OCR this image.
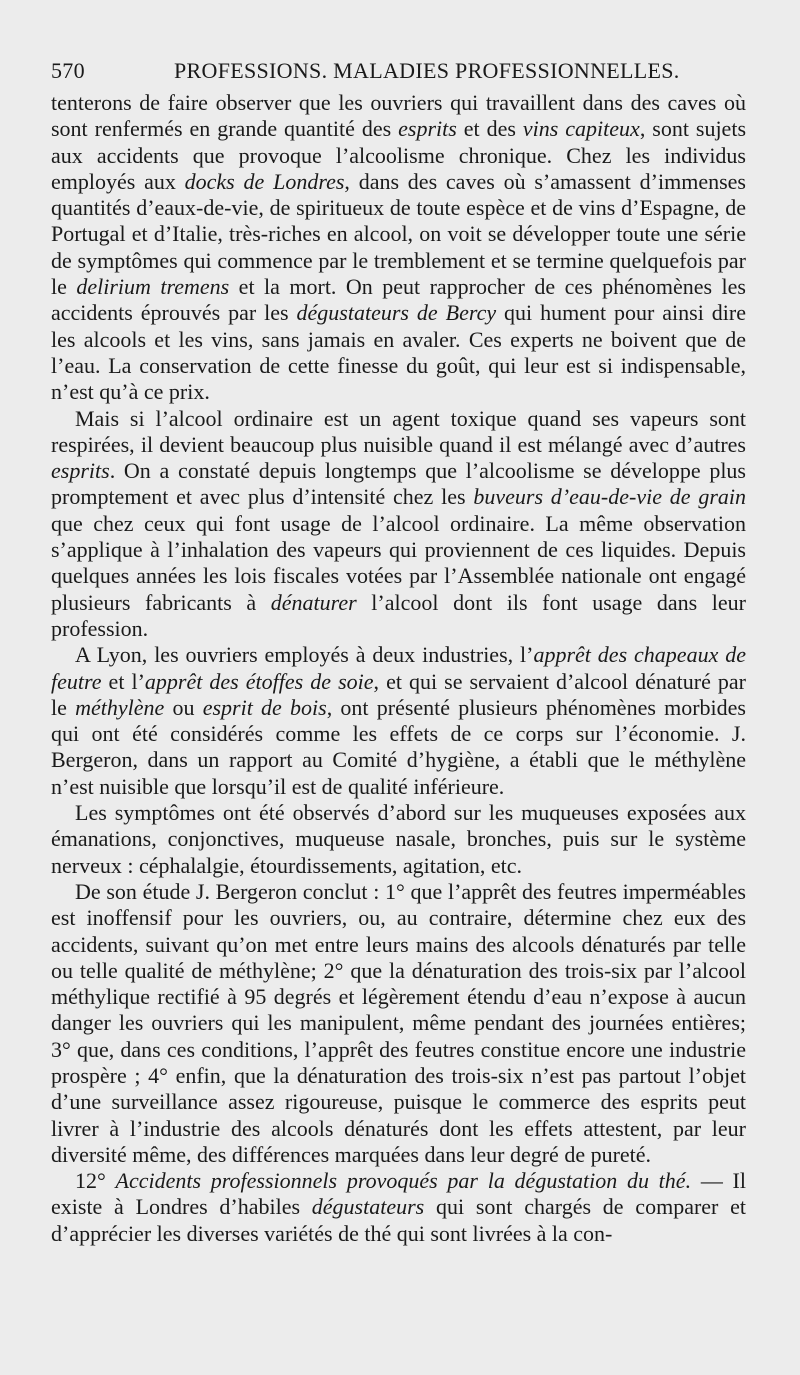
570	PROFESSIONS. MALADIES PROFESSIONNELLES.

tenterons de faire observer que les ouvriers qui travaillent dans des caves où sont renfermés en grande quantité des esprits et des vins capiteux, sont sujets aux accidents que provoque l’alcoolisme chronique. Chez les individus employés aux docks de Londres, dans des caves où s’amassent d’immenses quantités d’eaux-de-vie, de spiritueux de toute espèce et de vins d’Espagne, de Portugal et d’Italie, très-riches en alcool, on voit se développer toute une série de symptômes qui commence par le tremblement et se termine quelquefois par le delirium tremens et la mort. On peut rapprocher de ces phénomènes les accidents éprouvés par les dégustateurs de Bercy qui hument pour ainsi dire les alcools et les vins, sans jamais en avaler. Ces experts ne boivent que de l’eau. La conservation de cette finesse du goût, qui leur est si indispensable, n’est qu’à ce prix.

Mais si l’alcool ordinaire est un agent toxique quand ses vapeurs sont respirées, il devient beaucoup plus nuisible quand il est mélangé avec d’autres esprits. On a constaté depuis longtemps que l’alcoolisme se développe plus promptement et avec plus d’intensité chez les buveurs d’eau-de-vie de grain que chez ceux qui font usage de l’alcool ordinaire. La même observation s’applique à l’inhalation des vapeurs qui proviennent de ces liquides. Depuis quelques années les lois fiscales votées par l’Assemblée nationale ont engagé plusieurs fabricants à dénaturer l’alcool dont ils font usage dans leur profession.

A Lyon, les ouvriers employés à deux industries, l’apprêt des chapeaux de feutre et l’apprêt des étoffes de soie, et qui se servaient d’alcool dénaturé par le méthylène ou esprit de bois, ont présenté plusieurs phénomènes morbides qui ont été considérés comme les effets de ce corps sur l’économie. J. Bergeron, dans un rapport au Comité d’hygiène, a établi que le méthylène n’est nuisible que lorsqu’il est de qualité inférieure.

Les symptômes ont été observés d’abord sur les muqueuses exposées aux émanations, conjonctives, muqueuse nasale, bronches, puis sur le système nerveux : céphalalgie, étourdissements, agitation, etc.

De son étude J. Bergeron conclut : 1° que l’apprêt des feutres imperméables est inoffensif pour les ouvriers, ou, au contraire, détermine chez eux des accidents, suivant qu’on met entre leurs mains des alcools dénaturés par telle ou telle qualité de méthylène; 2° que la dénaturation des trois-six par l’alcool méthylique rectifié à 95 degrés et légèrement étendu d’eau n’expose à aucun danger les ouvriers qui les manipulent, même pendant des journées entières; 3° que, dans ces conditions, l’apprêt des feutres constitue encore une industrie prospère ; 4° enfin, que la dénaturation des trois-six n’est pas partout l’objet d’une surveillance assez rigoureuse, puisque le commerce des esprits peut livrer à l’industrie des alcools dénaturés dont les effets attestent, par leur diversité même, des différences marquées dans leur degré de pureté.

12° Accidents professionnels provoqués par la dégustation du thé. — Il existe à Londres d’habiles dégustateurs qui sont chargés de comparer et d’apprécier les diverses variétés de thé qui sont livrées à la con-
